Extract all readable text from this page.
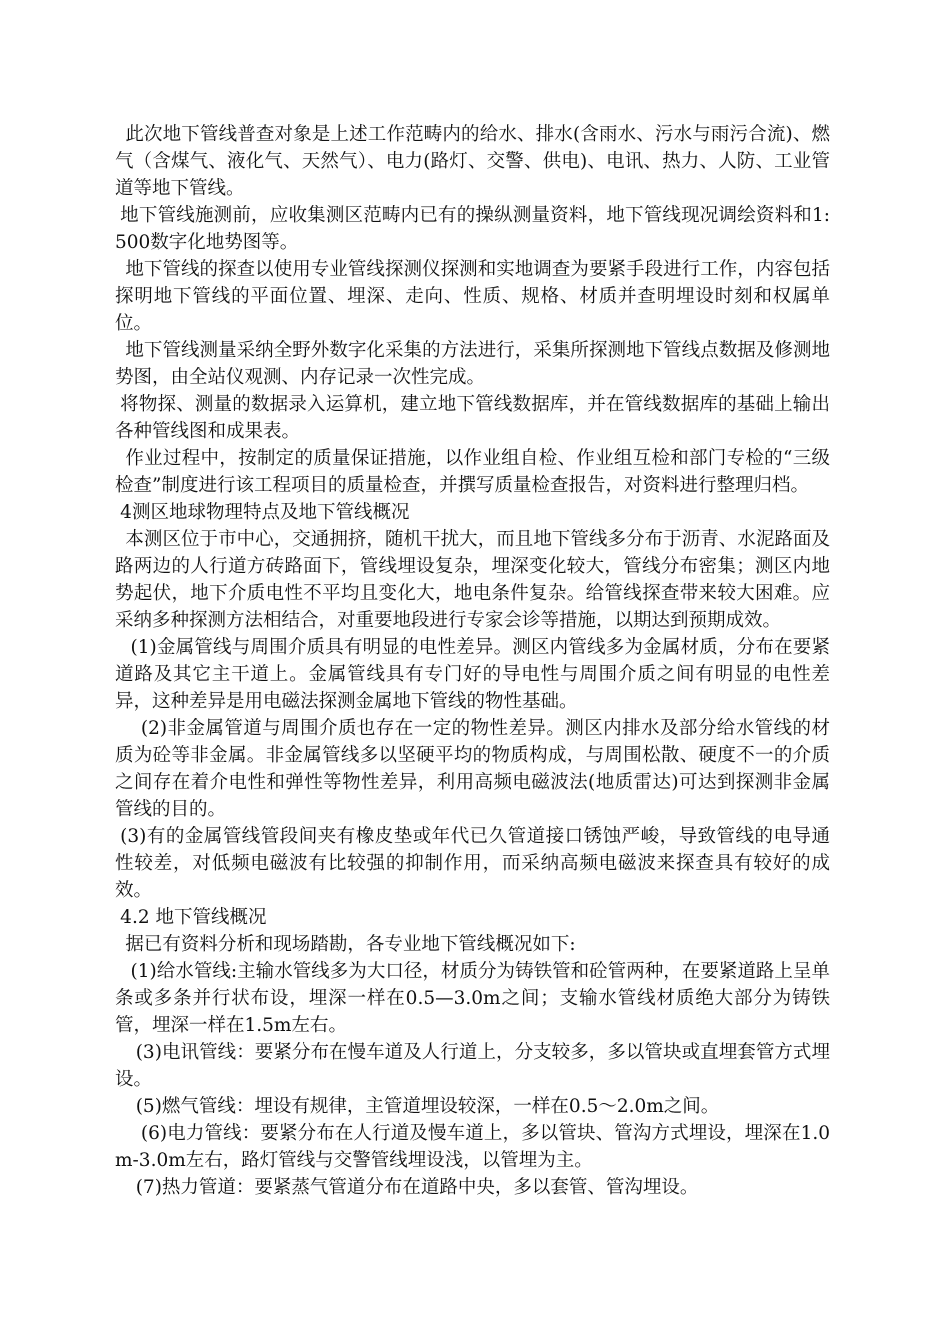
此次地下管线普查对象是上述工作范畴内的给水、排水(含雨水、污水与雨污合流)、燃气（含煤气、液化气、天然气）、电力(路灯、交警、供电)、电讯、热力、人防、工业管道等地下管线。

地下管线施测前，应收集测区范畴内已有的操纵测量资料，地下管线现况调绘资料和1:500数字化地势图等。

地下管线的探查以使用专业管线探测仪探测和实地调查为要紧手段进行工作，内容包括探明地下管线的平面位置、埋深、走向、性质、规格、材质并查明埋设时刻和权属单位。

地下管线测量采纳全野外数字化采集的方法进行，采集所探测地下管线点数据及修测地势图，由全站仪观测、内存记录一次性完成。

将物探、测量的数据录入运算机，建立地下管线数据库，并在管线数据库的基础上输出各种管线图和成果表。

作业过程中，按制定的质量保证措施，以作业组自检、作业组互检和部门专检的“三级检查”制度进行该工程项目的质量检查，并撰写质量检查报告，对资料进行整理归档。

4测区地球物理特点及地下管线概况

本测区位于市中心，交通拥挤，随机干扰大，而且地下管线多分布于沥青、水泥路面及路两边的人行道方砖路面下，管线埋设复杂，埋深变化较大，管线分布密集；测区内地势起伏，地下介质电性不平均且变化大，地电条件复杂。给管线探查带来较大困难。应采纳多种探测方法相结合，对重要地段进行专家会诊等措施，以期达到预期成效。

(1)金属管线与周围介质具有明显的电性差异。测区内管线多为金属材质，分布在要紧道路及其它主干道上。金属管线具有专门好的导电性与周围介质之间有明显的电性差异，这种差异是用电磁法探测金属地下管线的物性基础。

(2)非金属管道与周围介质也存在一定的物性差异。测区内排水及部分给水管线的材质为砼等非金属。非金属管线多以坚硬平均的物质构成，与周围松散、硬度不一的介质之间存在着介电性和弹性等物性差异，利用高频电磁波法(地质雷达)可达到探测非金属管线的目的。

(3)有的金属管线管段间夹有橡皮垫或年代已久管道接口锈蚀严峻，导致管线的电导通性较差，对低频电磁波有比较强的抑制作用，而采纳高频电磁波来探查具有较好的成效。

4.2 地下管线概况

据已有资料分析和现场踏勘，各专业地下管线概况如下:

(1)给水管线:主输水管线多为大口径，材质分为铸铁管和砼管两种，在要紧道路上呈单条或多条并行状布设，埋深一样在0.5—3.0m之间；支输水管线材质绝大部分为铸铁管，埋深一样在1.5m左右。

(3)电讯管线：要紧分布在慢车道及人行道上，分支较多，多以管块或直埋套管方式埋设。

(5)燃气管线：埋设有规律，主管道埋设较深，一样在0.5～2.0m之间。

(6)电力管线：要紧分布在人行道及慢车道上，多以管块、管沟方式埋设，埋深在1.0m-3.0m左右，路灯管线与交警管线埋设浅，以管埋为主。

(7)热力管道：要紧蒸气管道分布在道路中央，多以套管、管沟埋设。
